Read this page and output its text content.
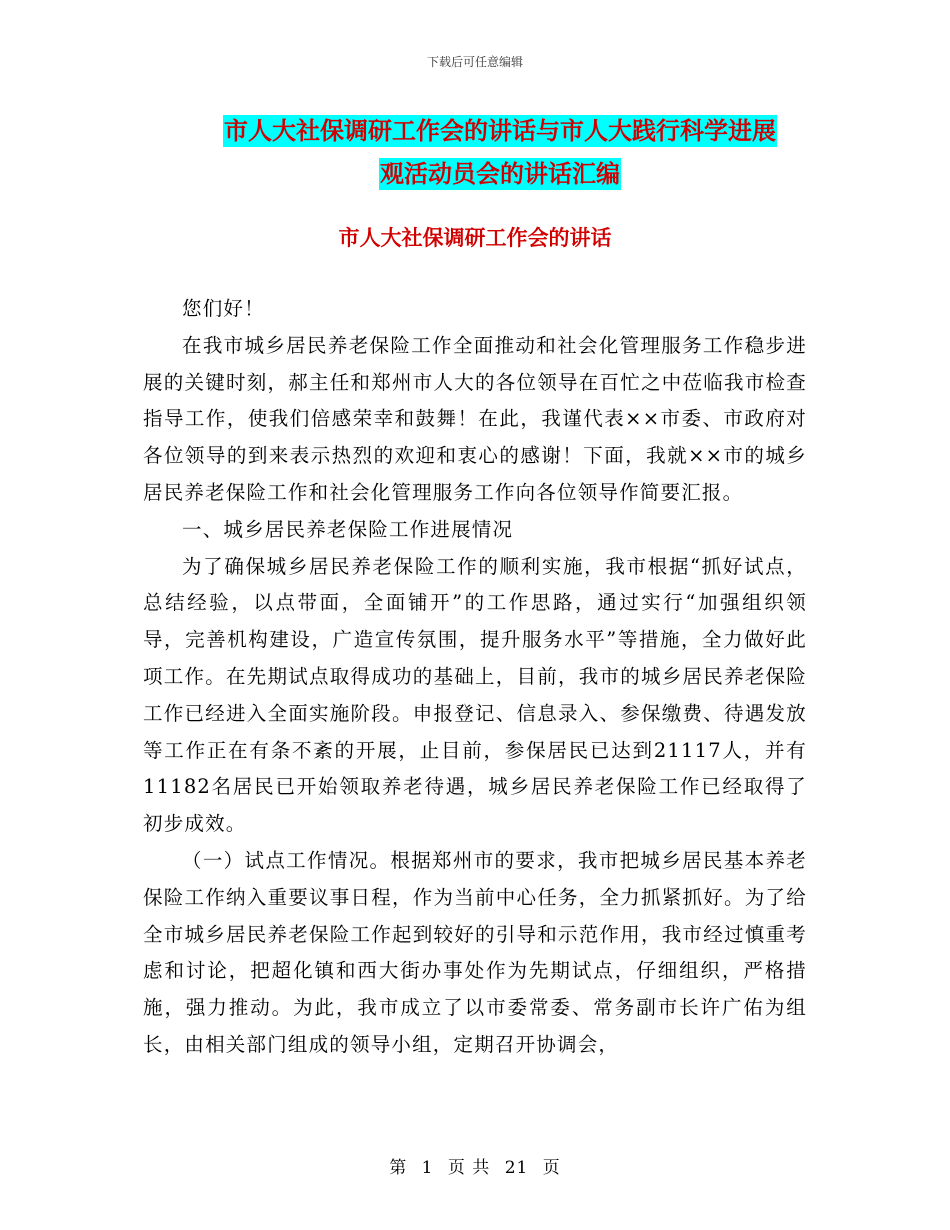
下载后可任意编辑
市人大社保调研工作会的讲话与市人大践行科学进展
观活动员会的讲话汇编
市人大社保调研工作会的讲话

您们好！

在我市城乡居民养老保险工作全面推动和社会化管理服务工作稳步进展的关键时刻，郝主任和郑州市人大的各位领导在百忙之中莅临我市检查指导工作，使我们倍感荣幸和鼓舞！在此，我谨代表××市委、市政府对各位领导的到来表示热烈的欢迎和衷心的感谢！下面，我就××市的城乡居民养老保险工作和社会化管理服务工作向各位领导作简要汇报。

一、城乡居民养老保险工作进展情况

为了确保城乡居民养老保险工作的顺利实施，我市根据“抓好试点，总结经验，以点带面，全面铺开”的工作思路，通过实行“加强组织领导，完善机构建设，广造宣传氛围，提升服务水平”等措施，全力做好此项工作。在先期试点取得成功的基础上，目前，我市的城乡居民养老保险工作已经进入全面实施阶段。申报登记、信息录入、参保缴费、待遇发放等工作正在有条不紊的开展，止目前，参保居民已达到21117人，并有11182名居民已开始领取养老待遇，城乡居民养老保险工作已经取得了初步成效。

（一）试点工作情况。根据郑州市的要求，我市把城乡居民基本养老保险工作纳入重要议事日程，作为当前中心任务，全力抓紧抓好。为了给全市城乡居民养老保险工作起到较好的引导和示范作用，我市经过慎重考虑和讨论，把超化镇和西大街办事处作为先期试点，仔细组织，严格措施，强力推动。为此，我市成立了以市委常委、常务副市长许广佑为组长，由相关部门组成的领导小组，定期召开协调会，

第 1 页 共 21 页
